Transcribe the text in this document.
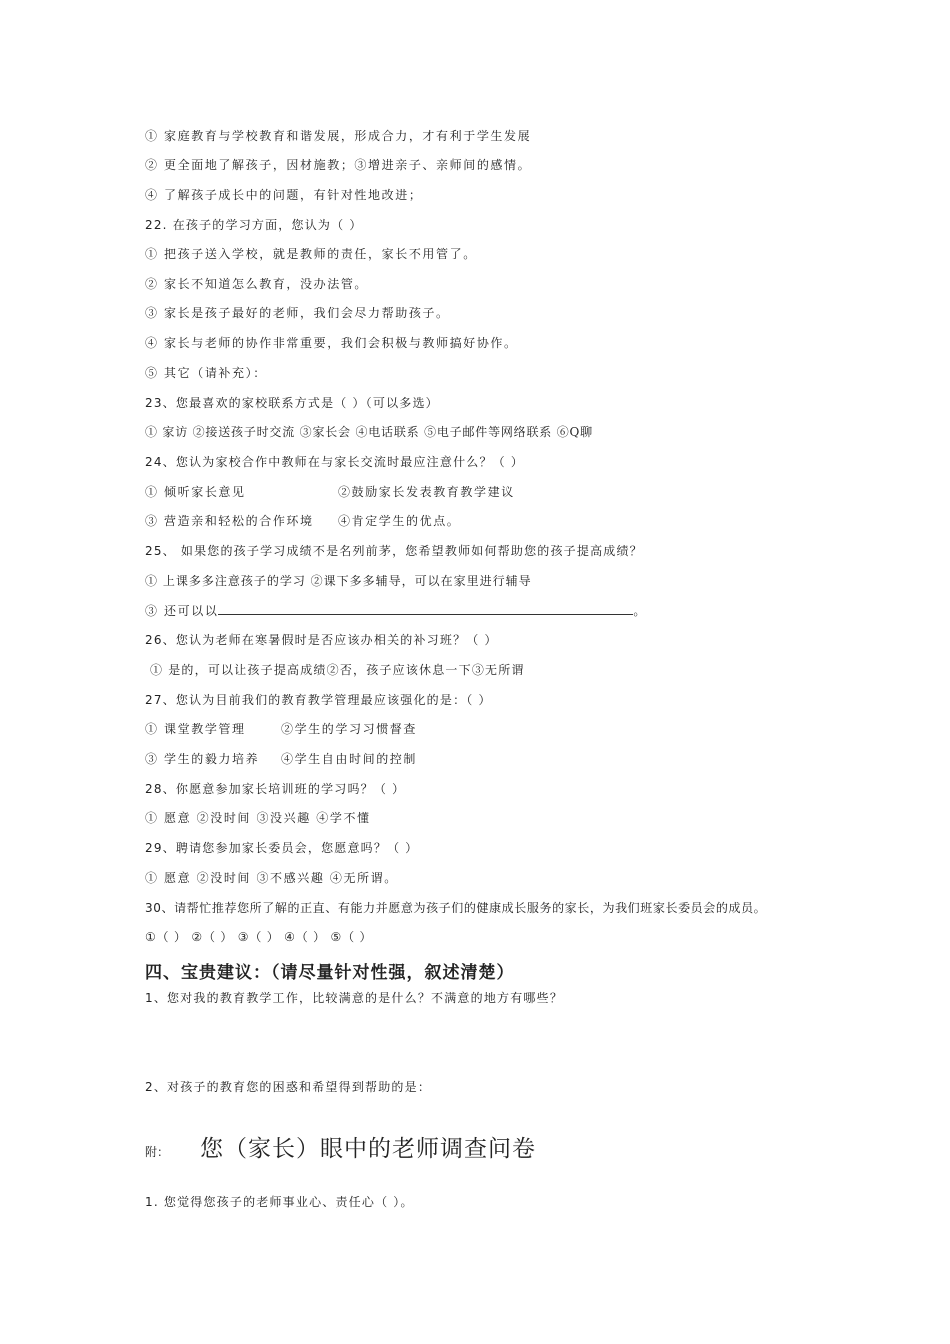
① 家庭教育与学校教育和谐发展，形成合力，才有利于学生发展
② 更全面地了解孩子，因材施教；③增进亲子、亲师间的感情。
④ 了解孩子成长中的问题，有针对性地改进；
22. 在孩子的学习方面，您认为（ ）
① 把孩子送入学校，就是教师的责任，家长不用管了。
② 家长不知道怎么教育，没办法管。
③ 家长是孩子最好的老师，我们会尽力帮助孩子。
④ 家长与老师的协作非常重要，我们会积极与教师搞好协作。
⑤ 其它（请补充）：
23、您最喜欢的家校联系方式是（ ）（可以多选）
① 家访 ②接送孩子时交流 ③家长会 ④电话联系 ⑤电子邮件等网络联系 ⑥Q聊
24、您认为家校合作中教师在与家长交流时最应注意什么？（ ）
① 倾听家长意见	②鼓励家长发表教育教学建议
③ 营造亲和轻松的合作环境 ④肯定学生的优点。
25、 如果您的孩子学习成绩不是名列前茅，您希望教师如何帮助您的孩子提高成绩？
① 上课多多注意孩子的学习 ②课下多多辅导，可以在家里进行辅导
③ 还可以以	。
26、您认为老师在寒暑假时是否应该办相关的补习班？（ ）
① 是的，可以让孩子提高成绩②否，孩子应该休息一下③无所谓
27、您认为目前我们的教育教学管理最应该强化的是：（ ）
① 课堂教学管理	②学生的学习习惯督查
③ 学生的毅力培养 ④学生自由时间的控制
28、你愿意参加家长培训班的学习吗？（ ）
① 愿意 ②没时间 ③没兴趣 ④学不懂
29、聘请您参加家长委员会，您愿意吗？（ ）
① 愿意 ②没时间 ③不感兴趣 ④无所谓。
30、请帮忙推荐您所了解的正直、有能力并愿意为孩子们的健康成长服务的家长，为我们班家长委员会的成员。
①（ ） ②（ ） ③（ ） ④（ ） ⑤（ ）
四、宝贵建议：（请尽量针对性强，叙述清楚）
1、您对我的教育教学工作，比较满意的是什么？不满意的地方有哪些？
2、对孩子的教育您的困惑和希望得到帮助的是：
附： 您（家长）眼中的老师调查问卷
1. 您觉得您孩子的老师事业心、责任心（ ）。
